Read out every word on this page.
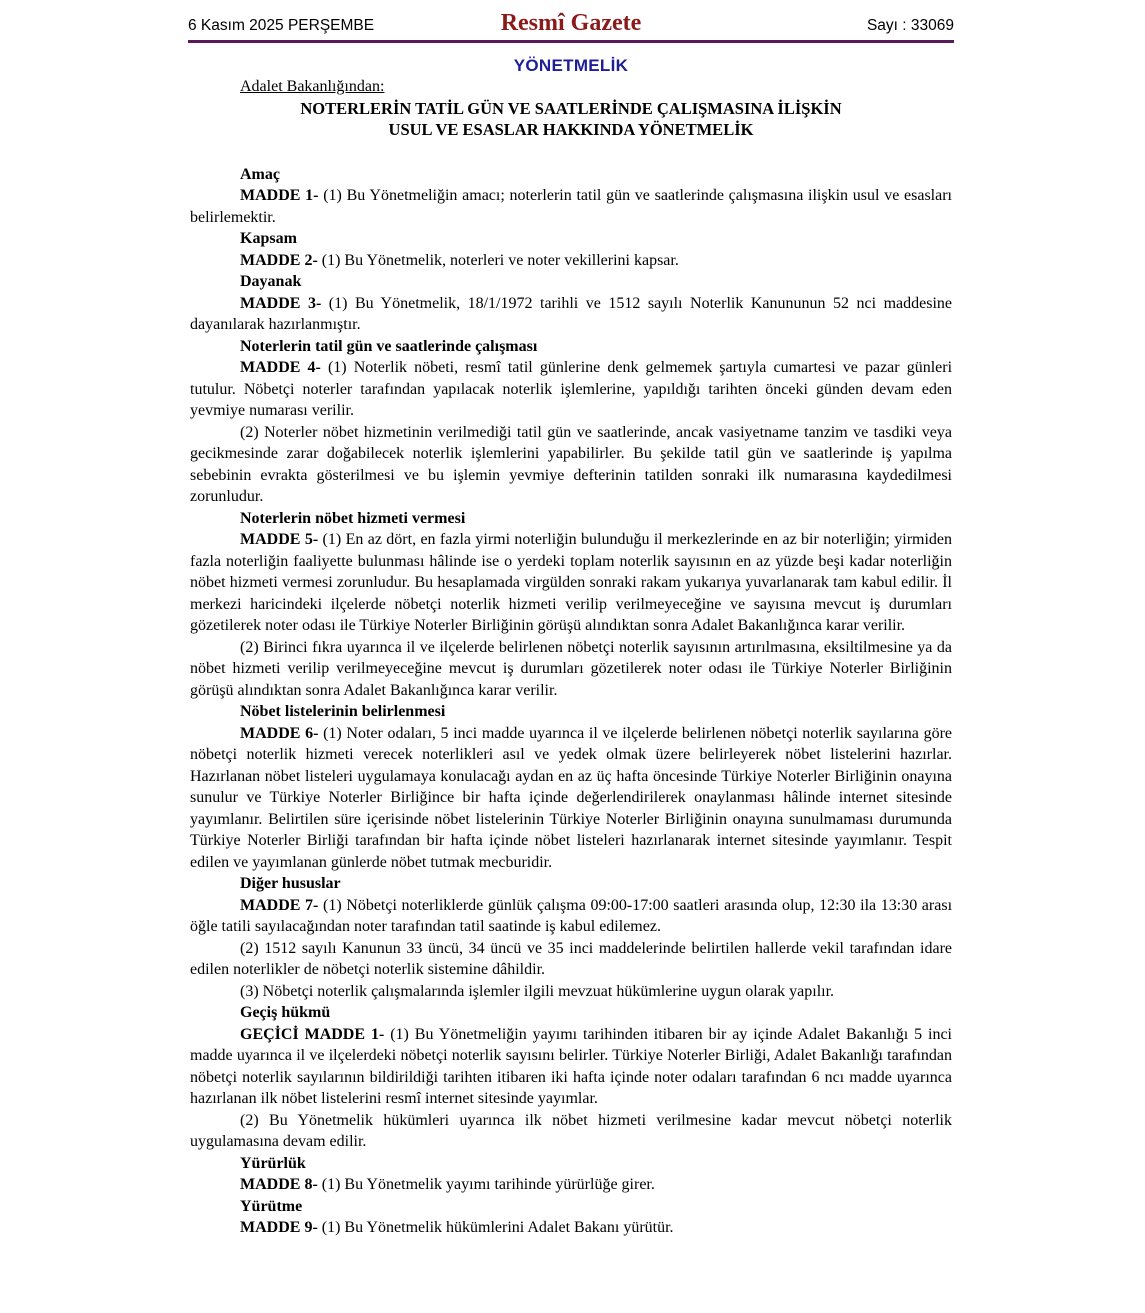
6 Kasım 2025 PERŞEMBE	Resmî Gazete	Sayı : 33069
YÖNETMELİK

Adalet Bakanlığından:

NOTERLERİN TATİL GÜN VE SAATLERİNDE ÇALIŞMASINA İLİŞKİN
USUL VE ESASLAR HAKKINDA YÖNETMELİK

Amaç

MADDE 1- (1) Bu Yönetmeliğin amacı; noterlerin tatil gün ve saatlerinde çalışmasına ilişkin usul ve esasları belirlemektir.

Kapsam

MADDE 2- (1) Bu Yönetmelik, noterleri ve noter vekillerini kapsar.

Dayanak

MADDE 3- (1) Bu Yönetmelik, 18/1/1972 tarihli ve 1512 sayılı Noterlik Kanununun 52 nci maddesine dayanılarak hazırlanmıştır.

Noterlerin tatil gün ve saatlerinde çalışması

MADDE 4- (1) Noterlik nöbeti, resmî tatil günlerine denk gelmemek şartıyla cumartesi ve pazar günleri tutulur. Nöbetçi noterler tarafından yapılacak noterlik işlemlerine, yapıldığı tarihten önceki günden devam eden yevmiye numarası verilir.

(2) Noterler nöbet hizmetinin verilmediği tatil gün ve saatlerinde, ancak vasiyetname tanzim ve tasdiki veya gecikmesinde zarar doğabilecek noterlik işlemlerini yapabilirler. Bu şekilde tatil gün ve saatlerinde iş yapılma sebebinin evrakta gösterilmesi ve bu işlemin yevmiye defterinin tatilden sonraki ilk numarasına kaydedilmesi zorunludur.

Noterlerin nöbet hizmeti vermesi

MADDE 5- (1) En az dört, en fazla yirmi noterliğin bulunduğu il merkezlerinde en az bir noterliğin; yirmiden fazla noterliğin faaliyette bulunması hâlinde ise o yerdeki toplam noterlik sayısının en az yüzde beşi kadar noterliğin nöbet hizmeti vermesi zorunludur. Bu hesaplamada virgülden sonraki rakam yukarıya yuvarlanarak tam kabul edilir. İl merkezi haricindeki ilçelerde nöbetçi noterlik hizmeti verilip verilmeyeceğine ve sayısına mevcut iş durumları gözetilerek noter odası ile Türkiye Noterler Birliğinin görüşü alındıktan sonra Adalet Bakanlığınca karar verilir.

(2) Birinci fıkra uyarınca il ve ilçelerde belirlenen nöbetçi noterlik sayısının artırılmasına, eksiltilmesine ya da nöbet hizmeti verilip verilmeyeceğine mevcut iş durumları gözetilerek noter odası ile Türkiye Noterler Birliğinin görüşü alındıktan sonra Adalet Bakanlığınca karar verilir.

Nöbet listelerinin belirlenmesi

MADDE 6- (1) Noter odaları, 5 inci madde uyarınca il ve ilçelerde belirlenen nöbetçi noterlik sayılarına göre nöbetçi noterlik hizmeti verecek noterlikleri asıl ve yedek olmak üzere belirleyerek nöbet listelerini hazırlar. Hazırlanan nöbet listeleri uygulamaya konulacağı aydan en az üç hafta öncesinde Türkiye Noterler Birliğinin onayına sunulur ve Türkiye Noterler Birliğince bir hafta içinde değerlendirilerek onaylanması hâlinde internet sitesinde yayımlanır. Belirtilen süre içerisinde nöbet listelerinin Türkiye Noterler Birliğinin onayına sunulmaması durumunda Türkiye Noterler Birliği tarafından bir hafta içinde nöbet listeleri hazırlanarak internet sitesinde yayımlanır. Tespit edilen ve yayımlanan günlerde nöbet tutmak mecburidir.

Diğer hususlar

MADDE 7- (1) Nöbetçi noterliklerde günlük çalışma 09:00-17:00 saatleri arasında olup, 12:30 ila 13:30 arası öğle tatili sayılacağından noter tarafından tatil saatinde iş kabul edilemez.

(2) 1512 sayılı Kanunun 33 üncü, 34 üncü ve 35 inci maddelerinde belirtilen hallerde vekil tarafından idare edilen noterlikler de nöbetçi noterlik sistemine dâhildir.

(3) Nöbetçi noterlik çalışmalarında işlemler ilgili mevzuat hükümlerine uygun olarak yapılır.

Geçiş hükmü

GEÇİCİ MADDE 1- (1) Bu Yönetmeliğin yayımı tarihinden itibaren bir ay içinde Adalet Bakanlığı 5 inci madde uyarınca il ve ilçelerdeki nöbetçi noterlik sayısını belirler. Türkiye Noterler Birliği, Adalet Bakanlığı tarafından nöbetçi noterlik sayılarının bildirildiği tarihten itibaren iki hafta içinde noter odaları tarafından 6 ncı madde uyarınca hazırlanan ilk nöbet listelerini resmî internet sitesinde yayımlar.

(2) Bu Yönetmelik hükümleri uyarınca ilk nöbet hizmeti verilmesine kadar mevcut nöbetçi noterlik uygulamasına devam edilir.

Yürürlük

MADDE 8- (1) Bu Yönetmelik yayımı tarihinde yürürlüğe girer.

Yürütme

MADDE 9- (1) Bu Yönetmelik hükümlerini Adalet Bakanı yürütür.
